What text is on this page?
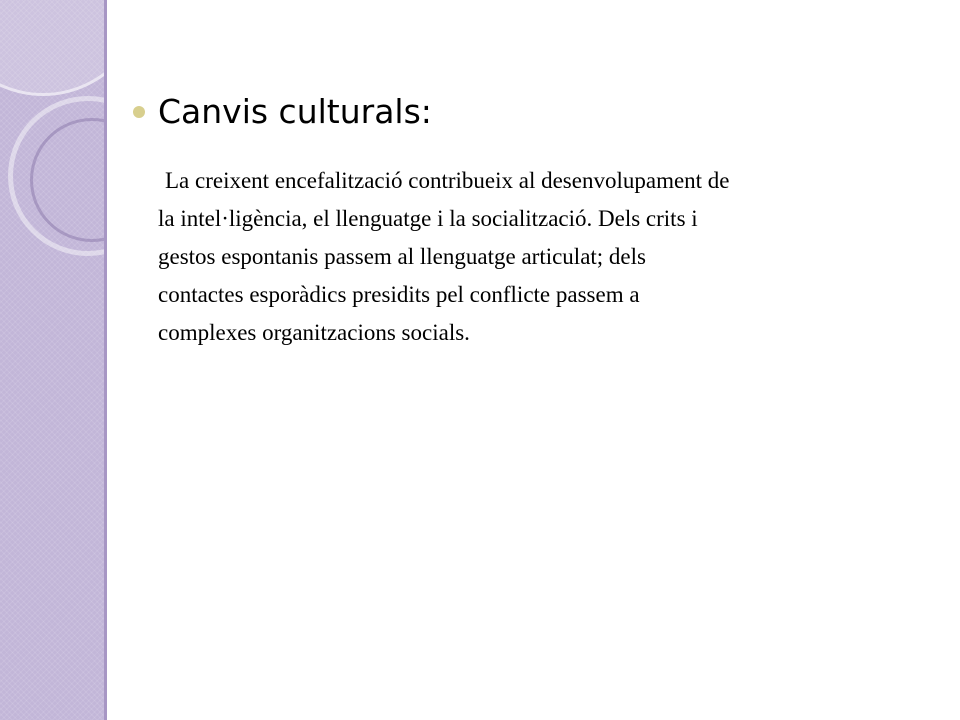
Canvis culturals:
La creixent encefalització contribueix al desenvolupament de
la intel·ligència, el llenguatge i la socialització. Dels crits i
gestos espontanis passem al llenguatge articulat; dels
contactes esporàdics presidits pel conflicte passem a
complexes organitzacions socials.
